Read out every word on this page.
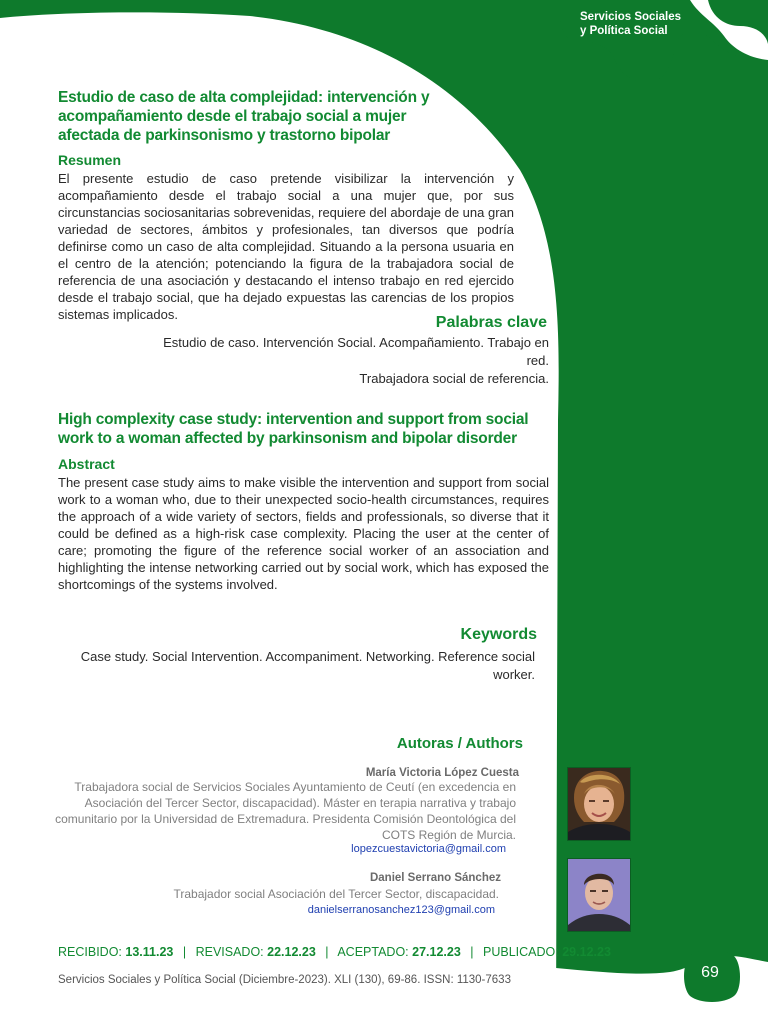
Servicios Sociales
y Política Social
Estudio de caso de alta complejidad: intervención y
acompañamiento desde el trabajo social a mujer
afectada de parkinsonismo y trastorno bipolar
Resumen
El presente estudio de caso pretende visibilizar la intervención y acompañamiento desde el trabajo social a una mujer que, por sus circunstancias sociosanitarias sobrevenidas, requiere del abordaje de una gran variedad de sectores, ámbitos y profesionales, tan diversos que podría definirse como un caso de alta complejidad. Situando a la persona usuaria en el centro de la atención; potenciando la figura de la trabajadora social de referencia de una asociación y destacando el intenso trabajo en red ejercido desde el trabajo social, que ha dejado expuestas las carencias de los propios sistemas implicados.	Palabras clave
Estudio de caso. Intervención Social. Acompañamiento. Trabajo en red.
Trabajadora social de referencia.
High complexity case study: intervention and support from social
work to a woman affected by parkinsonism and bipolar disorder
Abstract
The present case study aims to make visible the intervention and support from social work to a woman who, due to their unexpected socio-health circumstances, requires the approach of a wide variety of sectors, fields and professionals, so diverse that it could be defined as a high-risk case complexity. Placing the user at the center of care; promoting the figure of the reference social worker of an association and highlighting the intense networking carried out by social work, which has exposed the shortcomings of the systems involved.
Keywords
Case study. Social Intervention. Accompaniment. Networking. Reference social worker.
Autoras / Authors
María Victoria López Cuesta
Trabajadora social de Servicios Sociales Ayuntamiento de Ceutí (en excedencia en
Asociación del Tercer Sector, discapacidad). Máster en terapia narrativa y trabajo
comunitario por la Universidad de Extremadura. Presidenta Comisión Deontológica del
COTS Región de Murcia.
lopezcuestavictoria@gmail.com
Daniel Serrano Sánchez
Trabajador social Asociación del Tercer Sector, discapacidad.
danielserranosanchez123@gmail.com
RECIBIDO: 13.11.23 | REVISADO: 22.12.23 | ACEPTADO: 27.12.23 | PUBLICADO: 29.12.23
Servicios Sociales y Política Social (Diciembre-2023). XLI (130), 69-86. ISSN: 1130-7633	69
